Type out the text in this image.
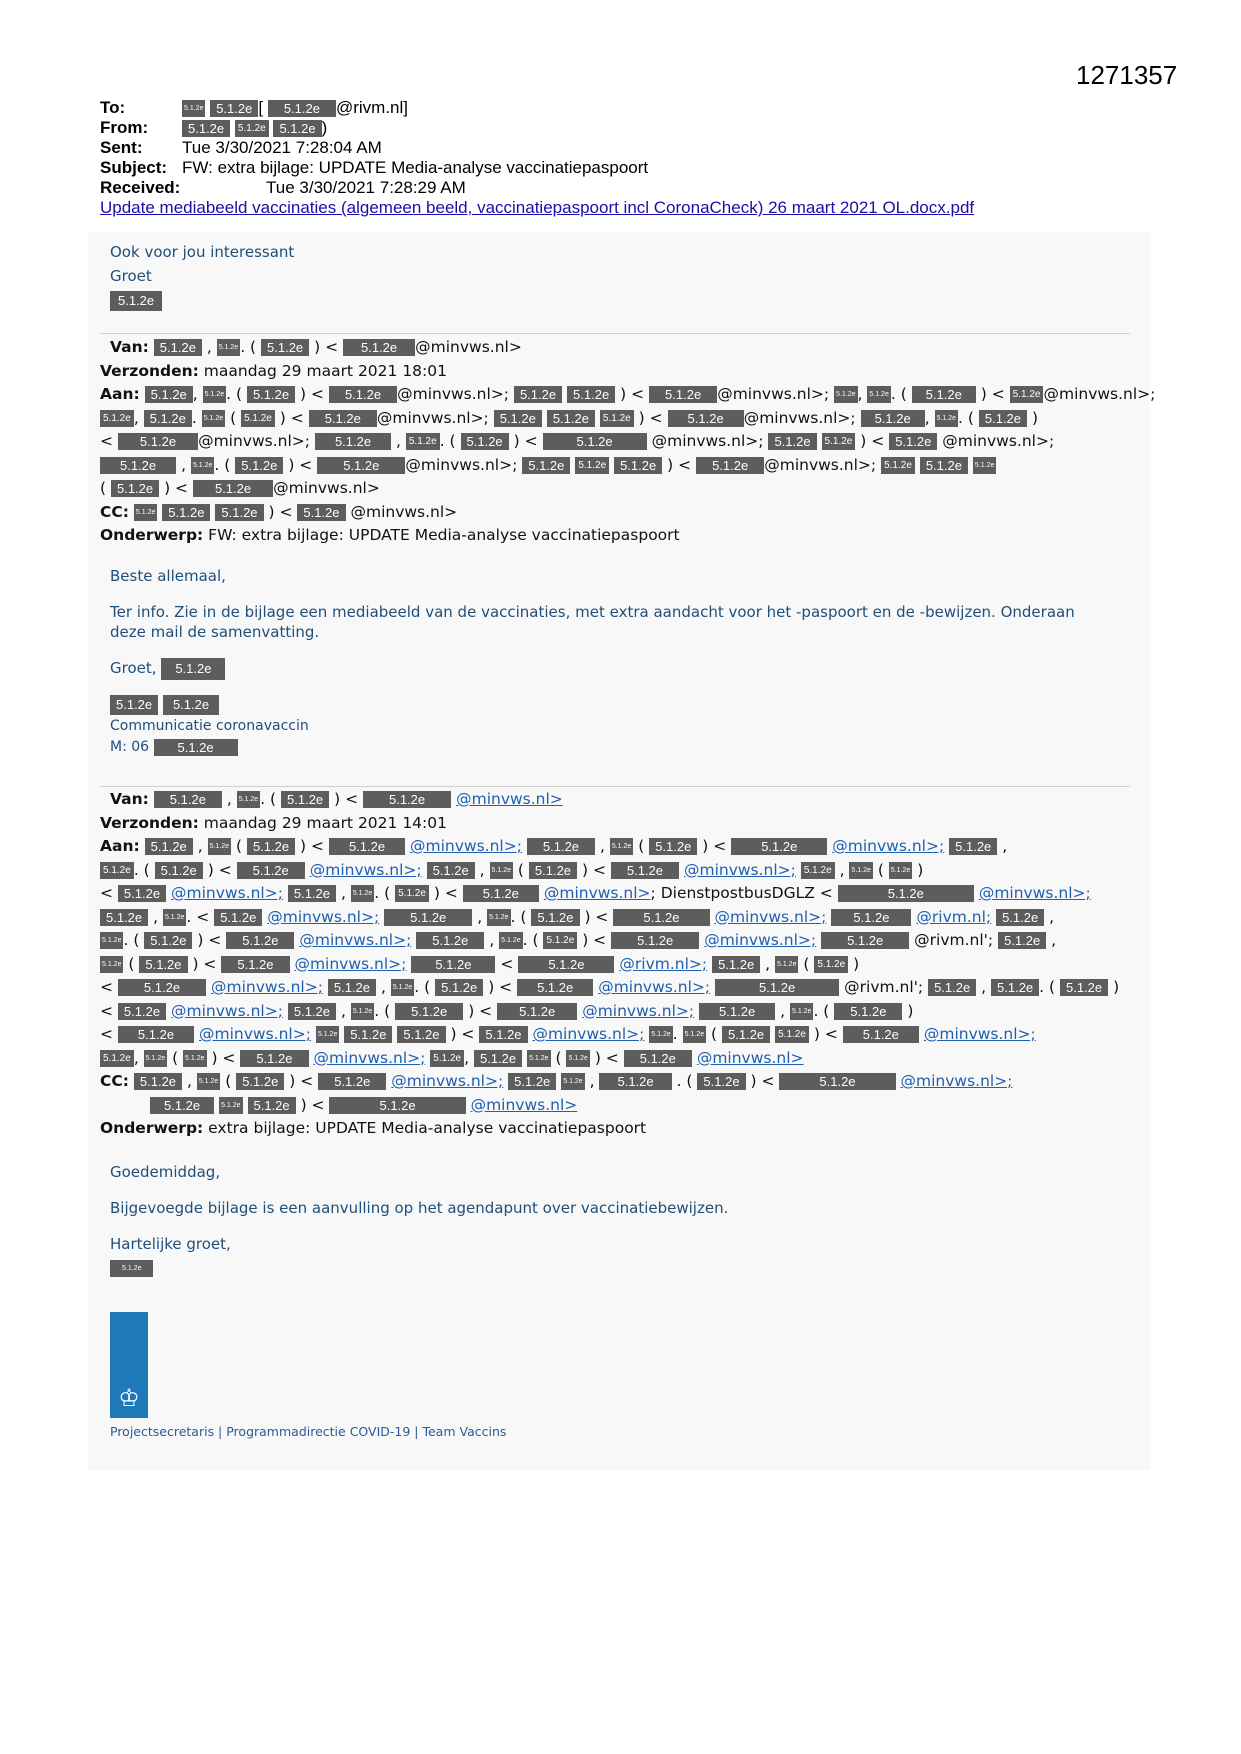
1271357
To:	5.1.2e 5.1.2e [ 5.1.2e @rivm.nl]
From:	5.1.2e 5.1.2e 5.1.2e )
Sent: Tue 3/30/2021 7:28:04 AM
Subject: FW: extra bijlage: UPDATE Media-analyse vaccinatiepaspoort
Received:	Tue 3/30/2021 7:28:29 AM
Update mediabeeld vaccinaties (algemeen beeld, vaccinatiepaspoort incl CoronaCheck) 26 maart 2021 OL.docx.pdf
Ook voor jou interessant
Groet
5.1.2e
Van: 5.1.2e , 5.1.2e . ( 5.1.2e ) < 5.1.2e @minvws.nl>
Verzonden: maandag 29 maart 2021 18:01
Aan: 5.1.2e , 5.1.2e . ( 5.1.2e ) < 5.1.2e @minvws.nl>; 5.1.2e 5.1.2e ) < 5.1.2e @minvws.nl>; 5.1.2e , 5.1.2e . ( 5.1.2e ) < 5.1.2e @minvws.nl>;
5.1.2e , 5.1.2e . 5.1.2e ( 5.1.2e ) < 5.1.2e @minvws.nl>; 5.1.2e 5.1.2e 5.1.2e ) < 5.1.2e @minvws.nl>; 5.1.2e , 5.1.2e . ( 5.1.2e )
< 5.1.2e @minvws.nl>; 5.1.2e , 5.1.2e . ( 5.1.2e ) <	5.1.2e	@minvws.nl>; 5.1.2e 5.1.2e ) < 5.1.2e @minvws.nl>;
5.1.2e , 5.1.2e . ( 5.1.2e ) < 5.1.2e @minvws.nl>; 5.1.2e 5.1.2e 5.1.2e ) < 5.1.2e @minvws.nl>; 5.1.2e 5.1.2e 5.1.2e
( 5.1.2e ) < 5.1.2e @minvws.nl>
CC: 5.1.2e 5.1.2e 5.1.2e ) < 5.1.2e @minvws.nl>
Onderwerp: FW: extra bijlage: UPDATE Media-analyse vaccinatiepaspoort
Beste allemaal,
Ter info. Zie in de bijlage een mediabeeld van de vaccinaties, met extra aandacht voor het -paspoort en de -bewijzen. Onderaan
deze mail de samenvatting.
Groet, 5.1.2e
5.1.2e 5.1.2e
Communicatie coronavaccin
M: 06 5.1.2e
Van: 5.1.2e , 5.1.2e . ( 5.1.2e ) < 5.1.2e @minvws.nl>
Verzonden: maandag 29 maart 2021 14:01
Aan: 5.1.2e , 5.1.2e ( 5.1.2e ) < 5.1.2e @minvws.nl>; 5.1.2e , 5.1.2e ( 5.1.2e ) < 5.1.2e @minvws.nl>; 5.1.2e ,
5.1.2e . ( 5.1.2e ) < 5.1.2e @minvws.nl>; 5.1.2e , 5.1.2e ( 5.1.2e ) < 5.1.2e @minvws.nl>; 5.1.2e , 5.1.2e ( 5.1.2e )
< 5.1.2e @minvws.nl>; 5.1.2e , 5.1.2e . ( 5.1.2e ) < 5.1.2e @minvws.nl>; DienstpostbusDGLZ <	5.1.2e	@minvws.nl>;
5.1.2e , 5.1.2e . < 5.1.2e @minvws.nl>; 5.1.2e , 5.1.2e . ( 5.1.2e ) < 5.1.2e @minvws.nl>; 5.1.2e @rivm.nl; 5.1.2e ,
5.1.2e . ( 5.1.2e ) < 5.1.2e @minvws.nl>; 5.1.2e , 5.1.2e . ( 5.1.2e ) < 5.1.2e @minvws.nl>; 5.1.2e @rivm.nl'; 5.1.2e ,
5.1.2e ( 5.1.2e ) < 5.1.2e @minvws.nl>; 5.1.2e < 5.1.2e @rivm.nl>; 5.1.2e , 5.1.2e ( 5.1.2e )
< 5.1.2e @minvws.nl>; 5.1.2e , 5.1.2e . ( 5.1.2e ) < 5.1.2e @minvws.nl>;	5.1.2e	@rivm.nl'; 5.1.2e , 5.1.2e . ( 5.1.2e )
< 5.1.2e @minvws.nl>; 5.1.2e , 5.1.2e . ( 5.1.2e ) < 5.1.2e @minvws.nl>; 5.1.2e , 5.1.2e . ( 5.1.2e )
< 5.1.2e @minvws.nl>; 5.1.2e 5.1.2e 5.1.2e ) < 5.1.2e @minvws.nl>; 5.1.2e . 5.1.2e ( 5.1.2e 5.1.2e ) < 5.1.2e @minvws.nl>;
5.1.2e , 5.1.2e ( 5.1.2e ) < 5.1.2e @minvws.nl>; 5.1.2e , 5.1.2e 5.1.2e ( 5.1.2e ) < 5.1.2e @minvws.nl>
CC: 5.1.2e , 5.1.2e ( 5.1.2e ) < 5.1.2e @minvws.nl>; 5.1.2e 5.1.2e , 5.1.2e . ( 5.1.2e ) <	5.1.2e	@minvws.nl>;
5.1.2e	5.1.2e 5.1.2e ) <	5.1.2e	@minvws.nl>
Onderwerp: extra bijlage: UPDATE Media-analyse vaccinatiepaspoort
Goedemiddag,
Bijgevoegde bijlage is een aanvulling op het agendapunt over vaccinatiebewijzen.
Hartelijke groet,
5.1.2e
♔
Projectsecretaris | Programmadirectie COVID-19 | Team Vaccins
